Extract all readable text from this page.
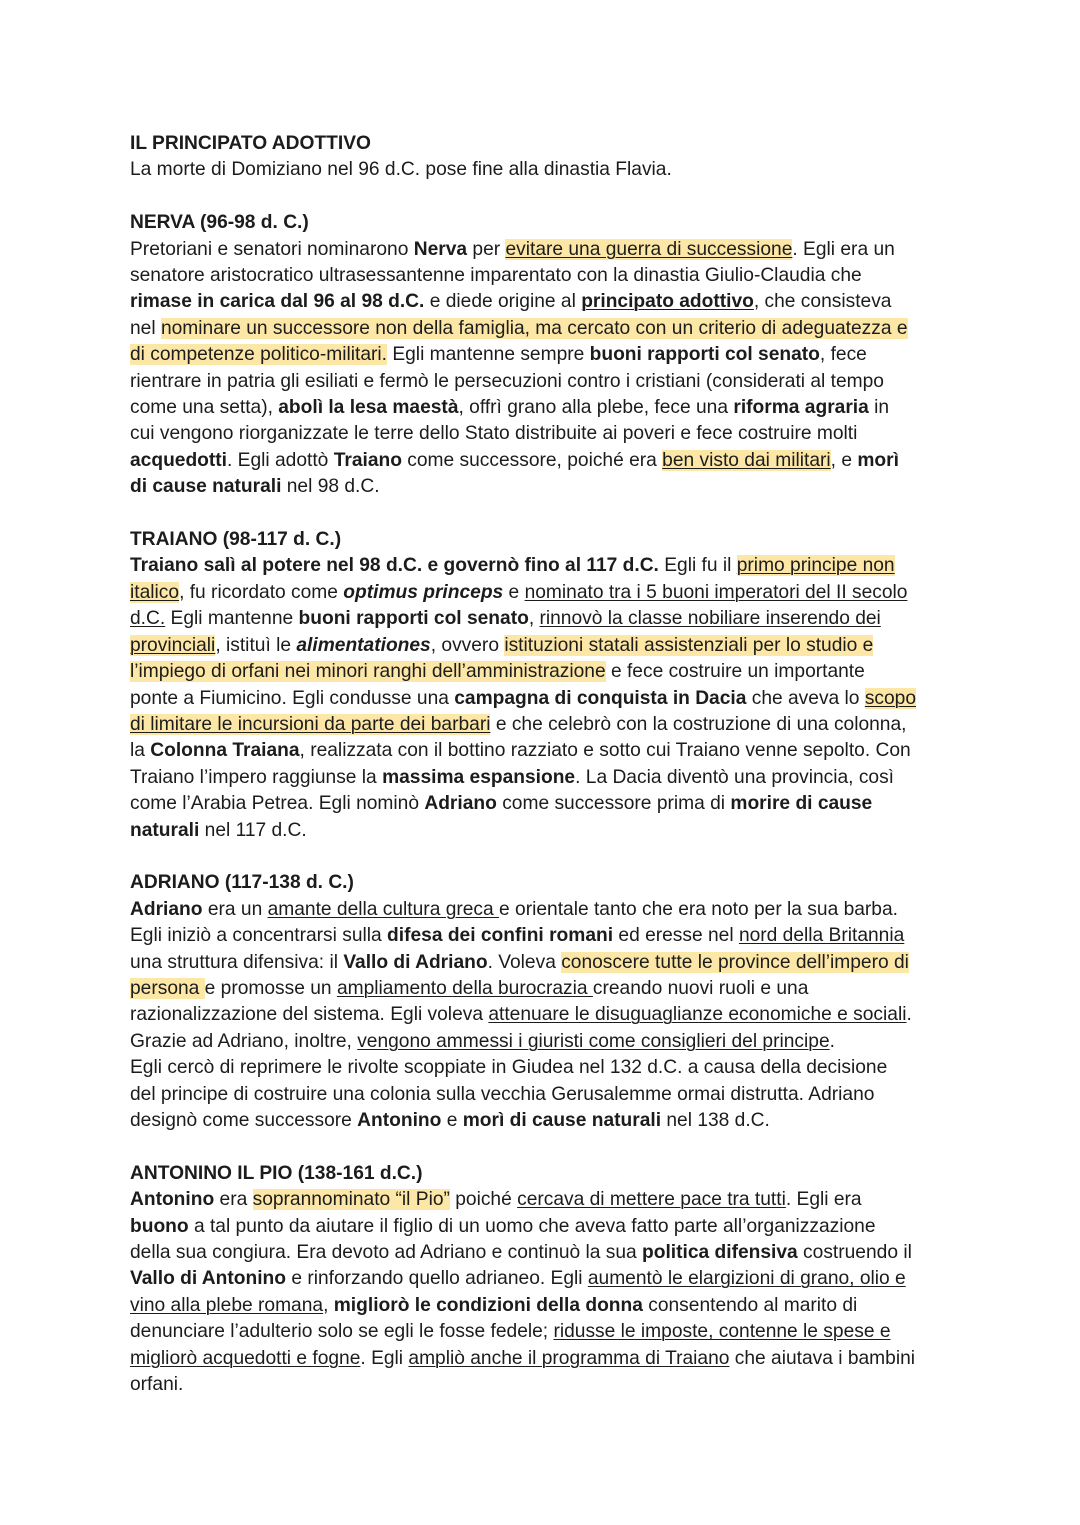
IL PRINCIPATO ADOTTIVO
La morte di Domiziano nel 96 d.C. pose fine alla dinastia Flavia.
NERVA (96-98 d. C.)
Pretoriani e senatori nominarono Nerva per evitare una guerra di successione. Egli era un
senatore aristocratico ultrasessantenne imparentato con la dinastia Giulio-Claudia che
rimase in carica dal 96 al 98 d.C. e diede origine al principato adottivo, che consisteva
nel nominare un successore non della famiglia, ma cercato con un criterio di adeguatezza e
di competenze politico-militari. Egli mantenne sempre buoni rapporti col senato, fece
rientrare in patria gli esiliati e fermò le persecuzioni contro i cristiani (considerati al tempo
come una setta), abolì la lesa maestà, offrì grano alla plebe, fece una riforma agraria in
cui vengono riorganizzate le terre dello Stato distribuite ai poveri e fece costruire molti
acquedotti. Egli adottò Traiano come successore, poiché era ben visto dai militari, e morì
di cause naturali nel 98 d.C.
TRAIANO (98-117 d. C.)
Traiano salì al potere nel 98 d.C. e governò fino al 117 d.C. Egli fu il primo principe non
italico, fu ricordato come optimus princeps e nominato tra i 5 buoni imperatori del II secolo
d.C. Egli mantenne buoni rapporti col senato, rinnovò la classe nobiliare inserendo dei
provinciali, istituì le alimentationes, ovvero istituzioni statali assistenziali per lo studio e
l’impiego di orfani nei minori ranghi dell’amministrazione e fece costruire un importante
ponte a Fiumicino. Egli condusse una campagna di conquista in Dacia che aveva lo scopo
di limitare le incursioni da parte dei barbari e che celebrò con la costruzione di una colonna,
la Colonna Traiana, realizzata con il bottino razziato e sotto cui Traiano venne sepolto. Con
Traiano l’impero raggiunse la massima espansione. La Dacia diventò una provincia, così
come l’Arabia Petrea. Egli nominò Adriano come successore prima di morire di cause
naturali nel 117 d.C.
ADRIANO (117-138 d. C.)
Adriano era un amante della cultura greca e orientale tanto che era noto per la sua barba.
Egli iniziò a concentrarsi sulla difesa dei confini romani ed eresse nel nord della Britannia
una struttura difensiva: il Vallo di Adriano. Voleva conoscere tutte le province dell’impero di
persona e promosse un ampliamento della burocrazia creando nuovi ruoli e una
razionalizzazione del sistema. Egli voleva attenuare le disuguaglianze economiche e sociali.
Grazie ad Adriano, inoltre, vengono ammessi i giuristi come consiglieri del principe.
Egli cercò di reprimere le rivolte scoppiate in Giudea nel 132 d.C. a causa della decisione
del principe di costruire una colonia sulla vecchia Gerusalemme ormai distrutta. Adriano
designò come successore Antonino e morì di cause naturali nel 138 d.C.
ANTONINO IL PIO (138-161 d.C.)
Antonino era soprannominato “il Pio” poiché cercava di mettere pace tra tutti. Egli era
buono a tal punto da aiutare il figlio di un uomo che aveva fatto parte all’organizzazione
della sua congiura. Era devoto ad Adriano e continuò la sua politica difensiva costruendo il
Vallo di Antonino e rinforzando quello adrianeo. Egli aumentò le elargizioni di grano, olio e
vino alla plebe romana, migliorò le condizioni della donna consentendo al marito di
denunciare l’adulterio solo se egli le fosse fedele; ridusse le imposte, contenne le spese e
migliorò acquedotti e fogne. Egli ampliò anche il programma di Traiano che aiutava i bambini
orfani.
